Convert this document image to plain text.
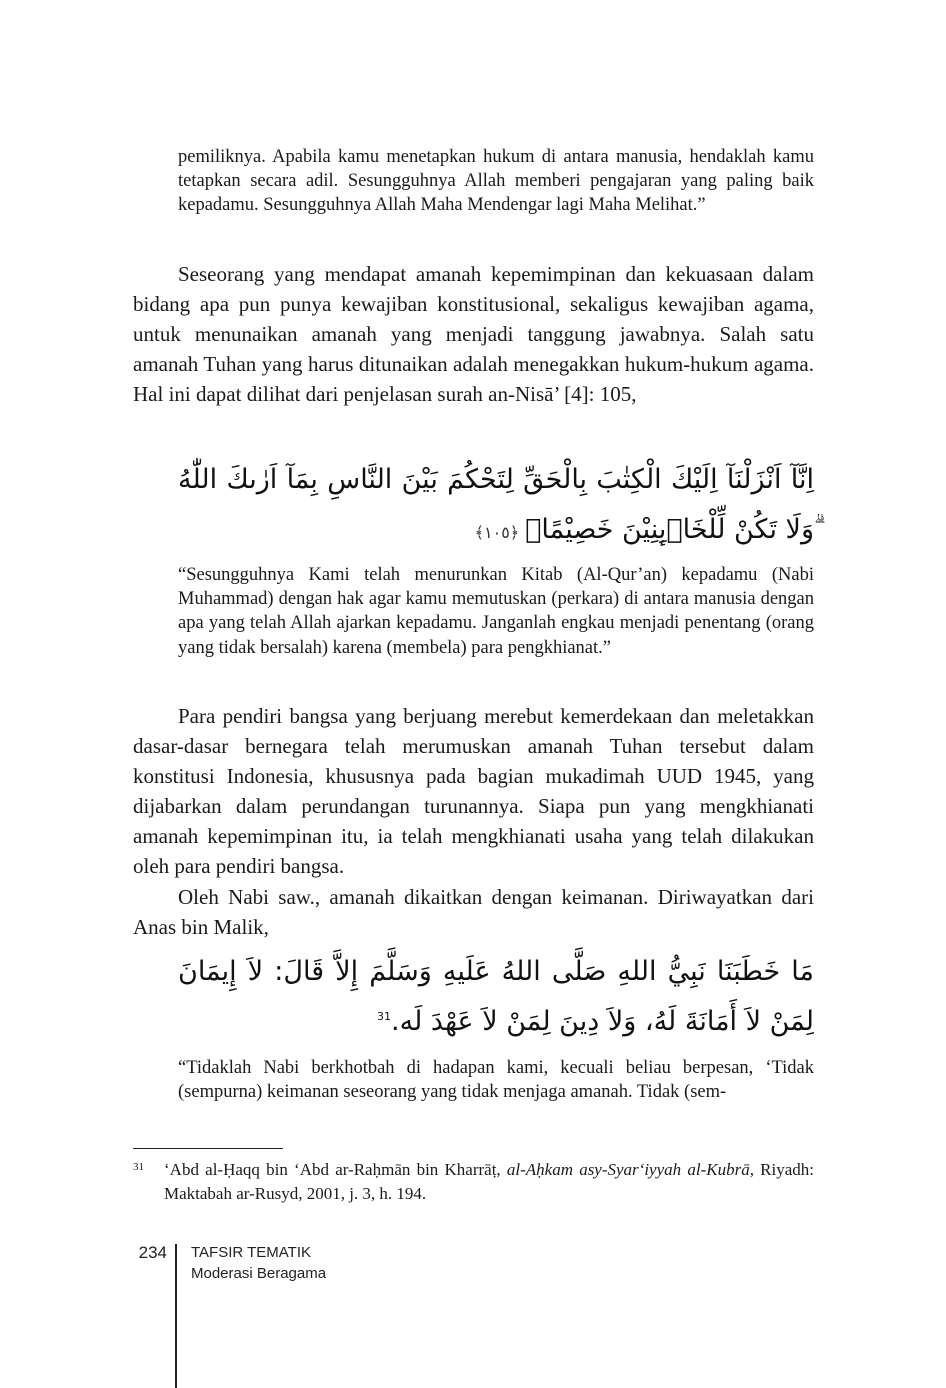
pemiliknya. Apabila kamu menetapkan hukum di antara manusia, hendaklah kamu tetapkan secara adil. Sesungguhnya Allah memberi pengajaran yang paling baik kepadamu. Sesungguhnya Allah Maha Mendengar lagi Maha Melihat.”

Seseorang yang mendapat amanah kepemimpinan dan kekuasaan dalam bidang apa pun punya kewajiban konstitusional, sekaligus kewajiban agama, untuk menunaikan amanah yang menjadi tanggung jawabnya. Salah satu amanah Tuhan yang harus ditunaikan adalah menegakkan hukum-hukum agama. Hal ini dapat dilihat dari penjelasan surah an-Nisā’ [4]: 105,

اِنَّآ اَنْزَلْنَآ اِلَيْكَ الْكِتٰبَ بِالْحَقِّ لِتَحْكُمَ بَيْنَ النَّاسِ بِمَآ اَرٰىكَ اللّٰهُ ۗوَلَا تَكُنْ لِّلْخَاۤىِٕنِيْنَ خَصِيْمًاۙ﴿١٠٥﴾

“Sesungguhnya Kami telah menurunkan Kitab (Al-Qur’an) kepadamu (Nabi Muhammad) dengan hak agar kamu memutuskan (perkara) di antara manusia dengan apa yang telah Allah ajarkan kepadamu. Janganlah engkau menjadi penentang (orang yang tidak bersalah) karena (membela) para pengkhianat.”

Para pendiri bangsa yang berjuang merebut kemerdekaan dan meletakkan dasar-dasar bernegara telah merumuskan amanah Tuhan tersebut dalam konstitusi Indonesia, khususnya pada bagian mukadimah UUD 1945, yang dijabarkan dalam perundangan turunannya. Siapa pun yang mengkhianati amanah kepemimpinan itu, ia telah mengkhianati usaha yang telah dilakukan oleh para pendiri bangsa.

Oleh Nabi saw., amanah dikaitkan dengan keimanan. Diriwayatkan dari Anas bin Malik,

مَا خَطَبَنَا نَبِيُّ اللهِ صَلَّى اللهُ عَلَيهِ وَسَلَّمَ إِلاَّ قَالَ: لاَ إِيمَانَ لِمَنْ لاَ أَمَانَةَ لَهُ، وَلاَ دِينَ لِمَنْ لاَ عَهْدَ لَه.$^{31}$

“Tidaklah Nabi berkhotbah di hadapan kami, kecuali beliau berpesan, ‘Tidak (sempurna) keimanan seseorang yang tidak menjaga amanah. Tidak (sem-

31 ‘Abd al-Ḥaqq bin ‘Abd ar-Raḥmān bin Kharrāṭ, al-Aḥkam asy-Syar‘iyyah al-Kubrā, Riyadh: Maktabah ar-Rusyd, 2001, j. 3, h. 194.
234 TAFSIR TEMATIK
Moderasi Beragama
